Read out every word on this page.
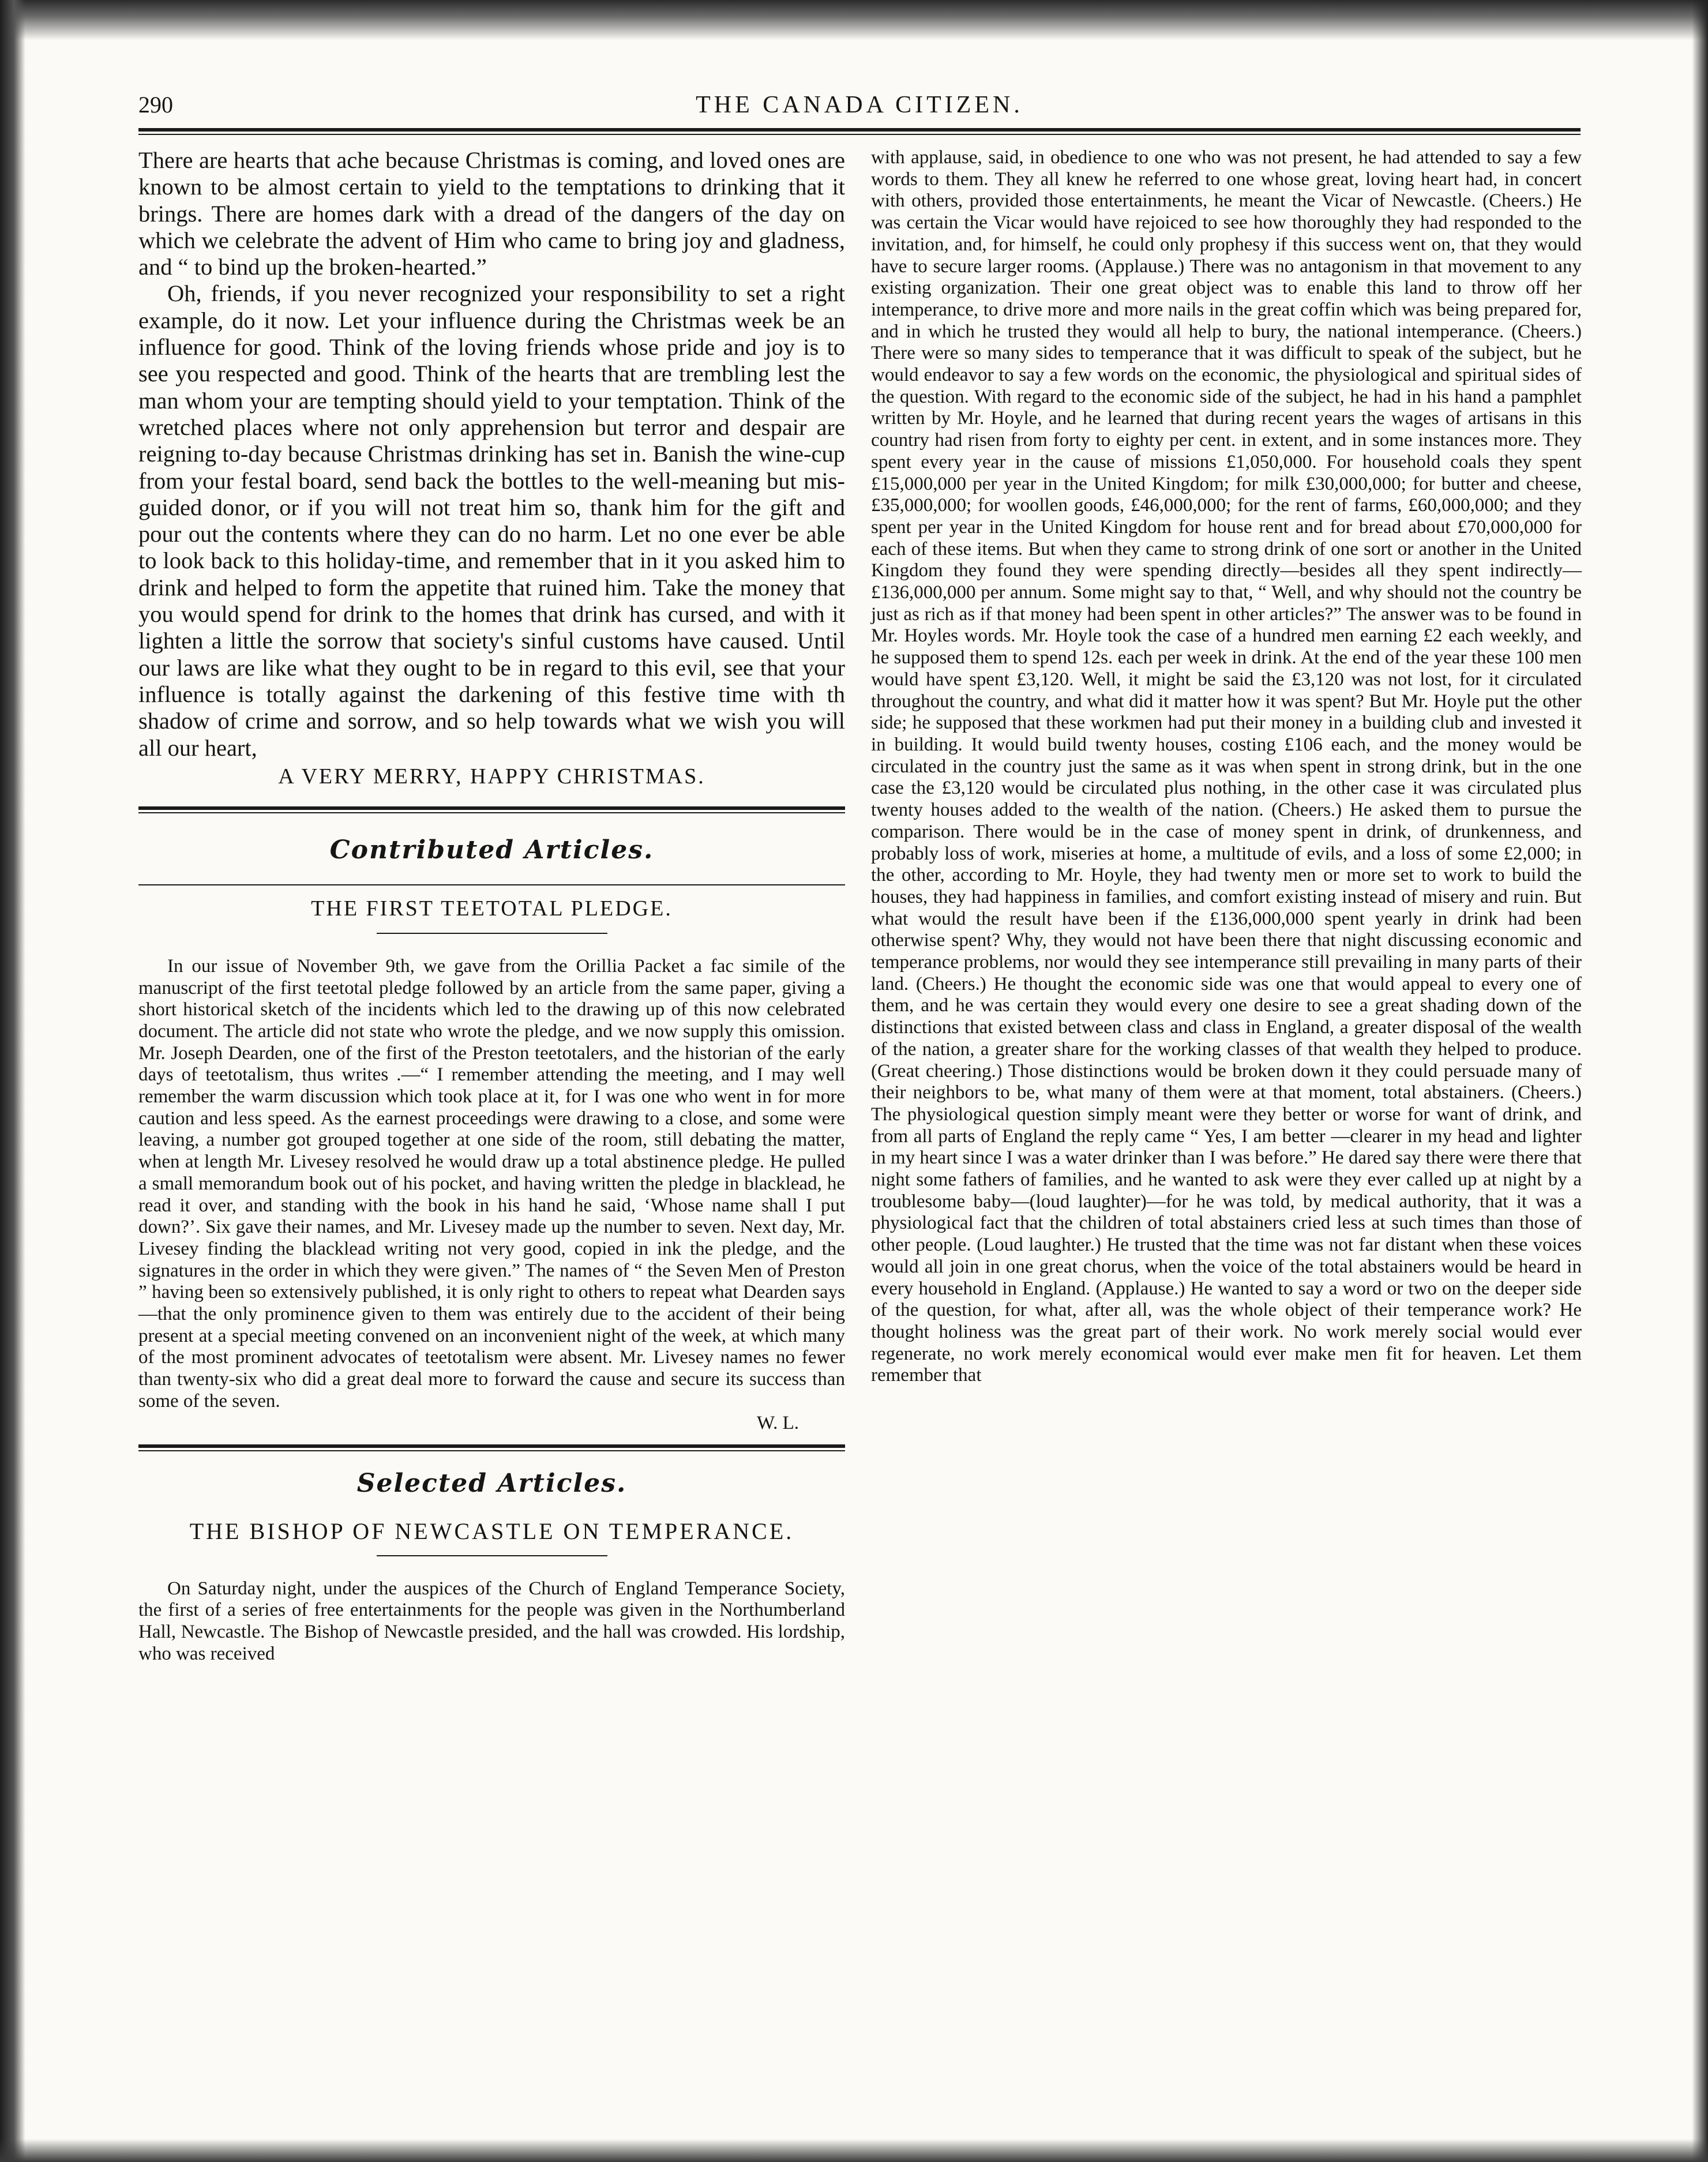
290	THE CANADA CITIZEN.

There are hearts that ache because Christmas is coming, and loved ones are known to be almost certain to yield to the temptations to drinking that it brings. There are homes dark with a dread of the dangers of the day on which we celebrate the advent of Him who came to bring joy and gladness, and “ to bind up the broken-hearted.”

Oh, friends, if you never recognized your responsibility to set a right example, do it now. Let your influence during the Christmas week be an influence for good. Think of the loving friends whose pride and joy is to see you respected and good. Think of the hearts that are trembling lest the man whom your are tempting should yield to your temptation. Think of the wretched places where not only apprehension but terror and despair are reigning to-day because Christmas drinking has set in. Banish the wine-cup from your festal board, send back the bottles to the well-meaning but mis-guided donor, or if you will not treat him so, thank him for the gift and pour out the contents where they can do no harm. Let no one ever be able to look back to this holiday-time, and remember that in it you asked him to drink and helped to form the appetite that ruined him. Take the money that you would spend for drink to the homes that drink has cursed, and with it lighten a little the sorrow that society's sinful customs have caused. Until our laws are like what they ought to be in regard to this evil, see that your influence is totally against the darkening of this festive time with th shadow of crime and sorrow, and so help towards what we wish you will all our heart,

A VERY MERRY, HAPPY CHRISTMAS.
Contributed Articles.
THE FIRST TEETOTAL PLEDGE.

In our issue of November 9th, we gave from the Orillia Packet a fac simile of the manuscript of the first teetotal pledge followed by an article from the same paper, giving a short historical sketch of the incidents which led to the drawing up of this now celebrated document. The article did not state who wrote the pledge, and we now supply this omission. Mr. Joseph Dearden, one of the first of the Preston teetotalers, and the historian of the early days of teetotalism, thus writes .—“ I remember attending the meeting, and I may well remember the warm discussion which took place at it, for I was one who went in for more caution and less speed. As the earnest proceedings were drawing to a close, and some were leaving, a number got grouped together at one side of the room, still debating the matter, when at length Mr. Livesey resolved he would draw up a total abstinence pledge. He pulled a small memorandum book out of his pocket, and having written the pledge in blacklead, he read it over, and standing with the book in his hand he said, ‘Whose name shall I put down?’. Six gave their names, and Mr. Livesey made up the number to seven. Next day, Mr. Livesey finding the blacklead writing not very good, copied in ink the pledge, and the signatures in the order in which they were given.” The names of “ the Seven Men of Preston ” having been so extensively published, it is only right to others to repeat what Dearden says —that the only prominence given to them was entirely due to the accident of their being present at a special meeting convened on an inconvenient night of the week, at which many of the most prominent advocates of teetotalism were absent. Mr. Livesey names no fewer than twenty-six who did a great deal more to forward the cause and secure its success than some of the seven.

W. L.
Selected Articles.
THE BISHOP OF NEWCASTLE ON TEMPERANCE.

On Saturday night, under the auspices of the Church of England Temperance Society, the first of a series of free entertainments for the people was given in the Northumberland Hall, Newcastle. The Bishop of Newcastle presided, and the hall was crowded. His lordship, who was received

with applause, said, in obedience to one who was not present, he had attended to say a few words to them. They all knew he referred to one whose great, loving heart had, in concert with others, provided those entertainments, he meant the Vicar of Newcastle. (Cheers.) He was certain the Vicar would have rejoiced to see how thoroughly they had responded to the invitation, and, for himself, he could only prophesy if this success went on, that they would have to secure larger rooms. (Applause.) There was no antagonism in that movement to any existing organization. Their one great object was to enable this land to throw off her intemperance, to drive more and more nails in the great coffin which was being prepared for, and in which he trusted they would all help to bury, the national intemperance. (Cheers.) There were so many sides to temperance that it was difficult to speak of the subject, but he would endeavor to say a few words on the economic, the physiological and spiritual sides of the question. With regard to the economic side of the subject, he had in his hand a pamphlet written by Mr. Hoyle, and he learned that during recent years the wages of artisans in this country had risen from forty to eighty per cent. in extent, and in some instances more. They spent every year in the cause of missions £1,050,000. For household coals they spent £15,000,000 per year in the United Kingdom; for milk £30,000,000; for butter and cheese, £35,000,000; for woollen goods, £46,000,000; for the rent of farms, £60,000,000; and they spent per year in the United Kingdom for house rent and for bread about £70,000,000 for each of these items. But when they came to strong drink of one sort or another in the United Kingdom they found they were spending directly—besides all they spent indirectly—£136,000,000 per annum. Some might say to that, “ Well, and why should not the country be just as rich as if that money had been spent in other articles?” The answer was to be found in Mr. Hoyles words. Mr. Hoyle took the case of a hundred men earning £2 each weekly, and he supposed them to spend 12s. each per week in drink. At the end of the year these 100 men would have spent £3,120. Well, it might be said the £3,120 was not lost, for it circulated throughout the country, and what did it matter how it was spent? But Mr. Hoyle put the other side; he supposed that these workmen had put their money in a building club and invested it in building. It would build twenty houses, costing £106 each, and the money would be circulated in the country just the same as it was when spent in strong drink, but in the one case the £3,120 would be circulated plus nothing, in the other case it was circulated plus twenty houses added to the wealth of the nation. (Cheers.) He asked them to pursue the comparison. There would be in the case of money spent in drink, of drunkenness, and probably loss of work, miseries at home, a multitude of evils, and a loss of some £2,000; in the other, according to Mr. Hoyle, they had twenty men or more set to work to build the houses, they had happiness in families, and comfort existing instead of misery and ruin. But what would the result have been if the £136,000,000 spent yearly in drink had been otherwise spent? Why, they would not have been there that night discussing economic and temperance problems, nor would they see intemperance still prevailing in many parts of their land. (Cheers.) He thought the economic side was one that would appeal to every one of them, and he was certain they would every one desire to see a great shading down of the distinctions that existed between class and class in England, a greater disposal of the wealth of the nation, a greater share for the working classes of that wealth they helped to produce. (Great cheering.) Those distinctions would be broken down it they could persuade many of their neighbors to be, what many of them were at that moment, total abstainers. (Cheers.) The physiological question simply meant were they better or worse for want of drink, and from all parts of England the reply came “ Yes, I am better —clearer in my head and lighter in my heart since I was a water drinker than I was before.” He dared say there were there that night some fathers of families, and he wanted to ask were they ever called up at night by a troublesome baby—(loud laughter)—for he was told, by medical authority, that it was a physiological fact that the children of total abstainers cried less at such times than those of other people. (Loud laughter.) He trusted that the time was not far distant when these voices would all join in one great chorus, when the voice of the total abstainers would be heard in every household in England. (Applause.) He wanted to say a word or two on the deeper side of the question, for what, after all, was the whole object of their temperance work? He thought holiness was the great part of their work. No work merely social would ever regenerate, no work merely economical would ever make men fit for heaven. Let them remember that
